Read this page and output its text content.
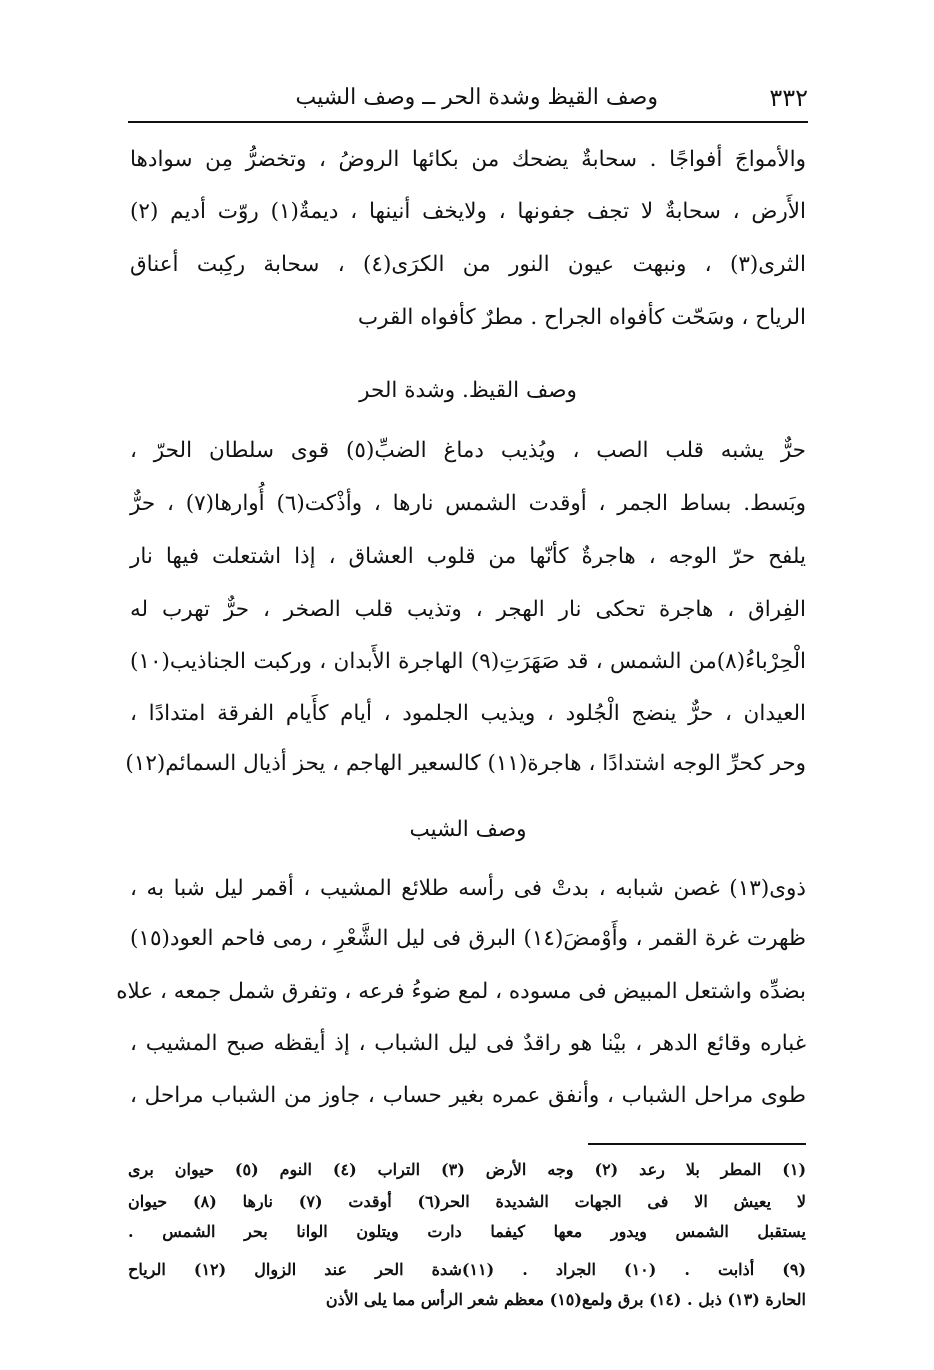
٣٣٢
وصف القيظ وشدة الحر ــ وصف الشيب
والأمواجَ أفواجًا . سحابةٌ يضحك من بكائها الروضُ ، وتخضرُّ مِن سوادها
الأَرض ، سحابةٌ لا تجف جفونها ، ولايخف أنينها ، ديمةٌ(١) روّت أديم (٢)
الثرى(٣) ، ونبهت عيون النور من الكرَى(٤) ، سحابة ركِبت أعناق
الرياح ، وسَحّت كأفواه الجراح . مطرٌ كأفواه القرب
وصف القيظ. وشدة الحر
حرٌّ يشبه قلب الصب ، ويُذيب دماغ الضبِّ(٥) قوى سلطان الحرّ ،
وبَسط. بساط الجمر ، أوقدت الشمس نارها ، وأذْكت(٦) أُوارها(٧) ، حرٌّ
يلفح حرّ الوجه ، هاجرةٌ كأنّها من قلوب العشاق ، إذا اشتعلت فيها نار
الفِراق ، هاجرة تحكى نار الهجر ، وتذيب قلب الصخر ، حرٌّ تهرب له
الْحِرْباءُ(٨)من الشمس ، قد صَهَرَتِ(٩) الهاجرة الأَبدان ، وركبت الجناذيب(١٠)
العيدان ، حرٌّ ينضج الْجُلود ، ويذيب الجلمود ، أيام كأَيام الفرقة امتدادًا ،
وحر كحرِّ الوجه اشتدادًا ، هاجرة(١١) كالسعير الهاجم ، يحز أذيال السمائم(١٢)
وصف الشيب
ذوى(١٣) غصن شبابه ، بدتْ فى رأسه طلائع المشيب ، أقمر ليل شبا به ،
ظهرت غرة القمر ، وأَوْمضَ(١٤) البرق فى ليل الشَّعْرِ ، رمى فاحم العود(١٥)
بضدِّه واشتعل المبيض فى مسوده ، لمع ضوءُ فرعه ، وتفرق شمل جمعه ، علاه
غباره وقائع الدهر ، بيْنا هو راقدٌ فى ليل الشباب ، إذ أيقظه صبح المشيب ،
طوى مراحل الشباب ، وأنفق عمره بغير حساب ، جاوز من الشباب مراحل ،
(١) المطر بلا رعد (٢) وجه الأرض (٣) التراب (٤) النوم (٥) حيوان برى
لا يعيش الا فى الجهات الشديدة الحر(٦) أوقدت (٧) نارها (٨) حيوان
يستقبل الشمس ويدور معها كيفما دارت ويتلون الوانا بحر الشمس .
(٩) أذابت . (١٠) الجراد . (١١)شدة الحر عند الزوال (١٢) الرياح
الحارة (١٣) ذبل . (١٤) برق ولمع(١٥) معظم شعر الرأس مما يلى الأذن
